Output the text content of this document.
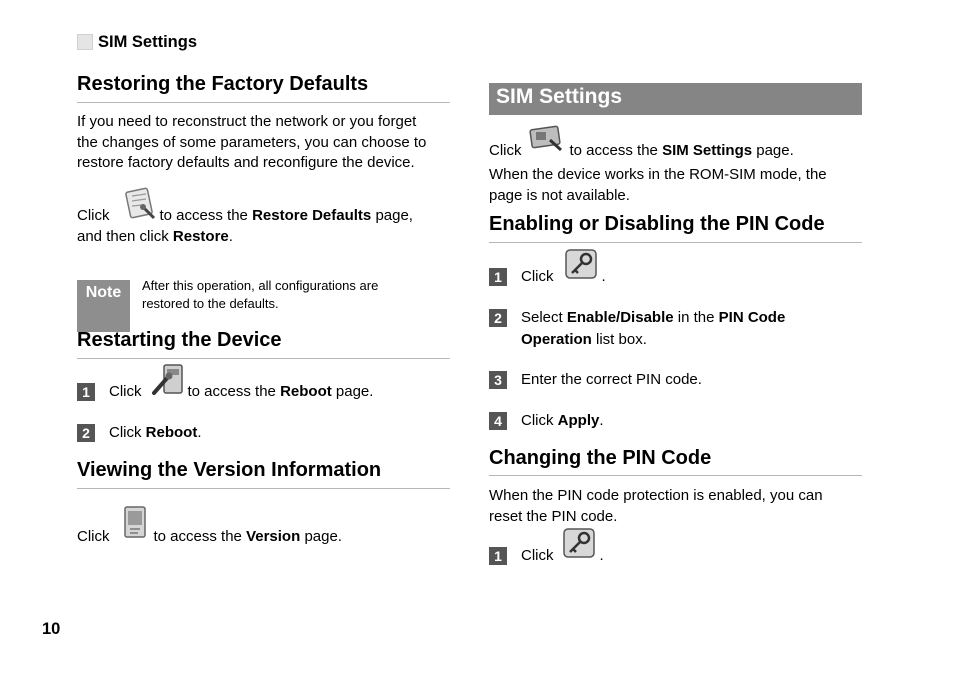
SIM Settings
Restoring the Factory Defaults
If you need to reconstruct the network or you forget
the changes of some parameters, you can choose to
restore factory defaults and reconfigure the device.
Click	to access the Restore Defaults page,
and then click Restore.
Note	After this operation, all configurations are
restored to the defaults.
Restarting the Device
1	Click	to access the Reboot page.
2	Click Reboot.
Viewing the Version Information
Click	to access the Version page.
SIM Settings
Click	to access the SIM Settings page.
When the device works in the ROM-SIM mode, the
page is not available.
Enabling or Disabling the PIN Code
1	Click	.
2	Select Enable/Disable in the PIN Code
Operation list box.
3	Enter the correct PIN code.
4	Click Apply.
Changing the PIN Code
When the PIN code protection is enabled, you can
reset the PIN code.
1	Click	.
10
